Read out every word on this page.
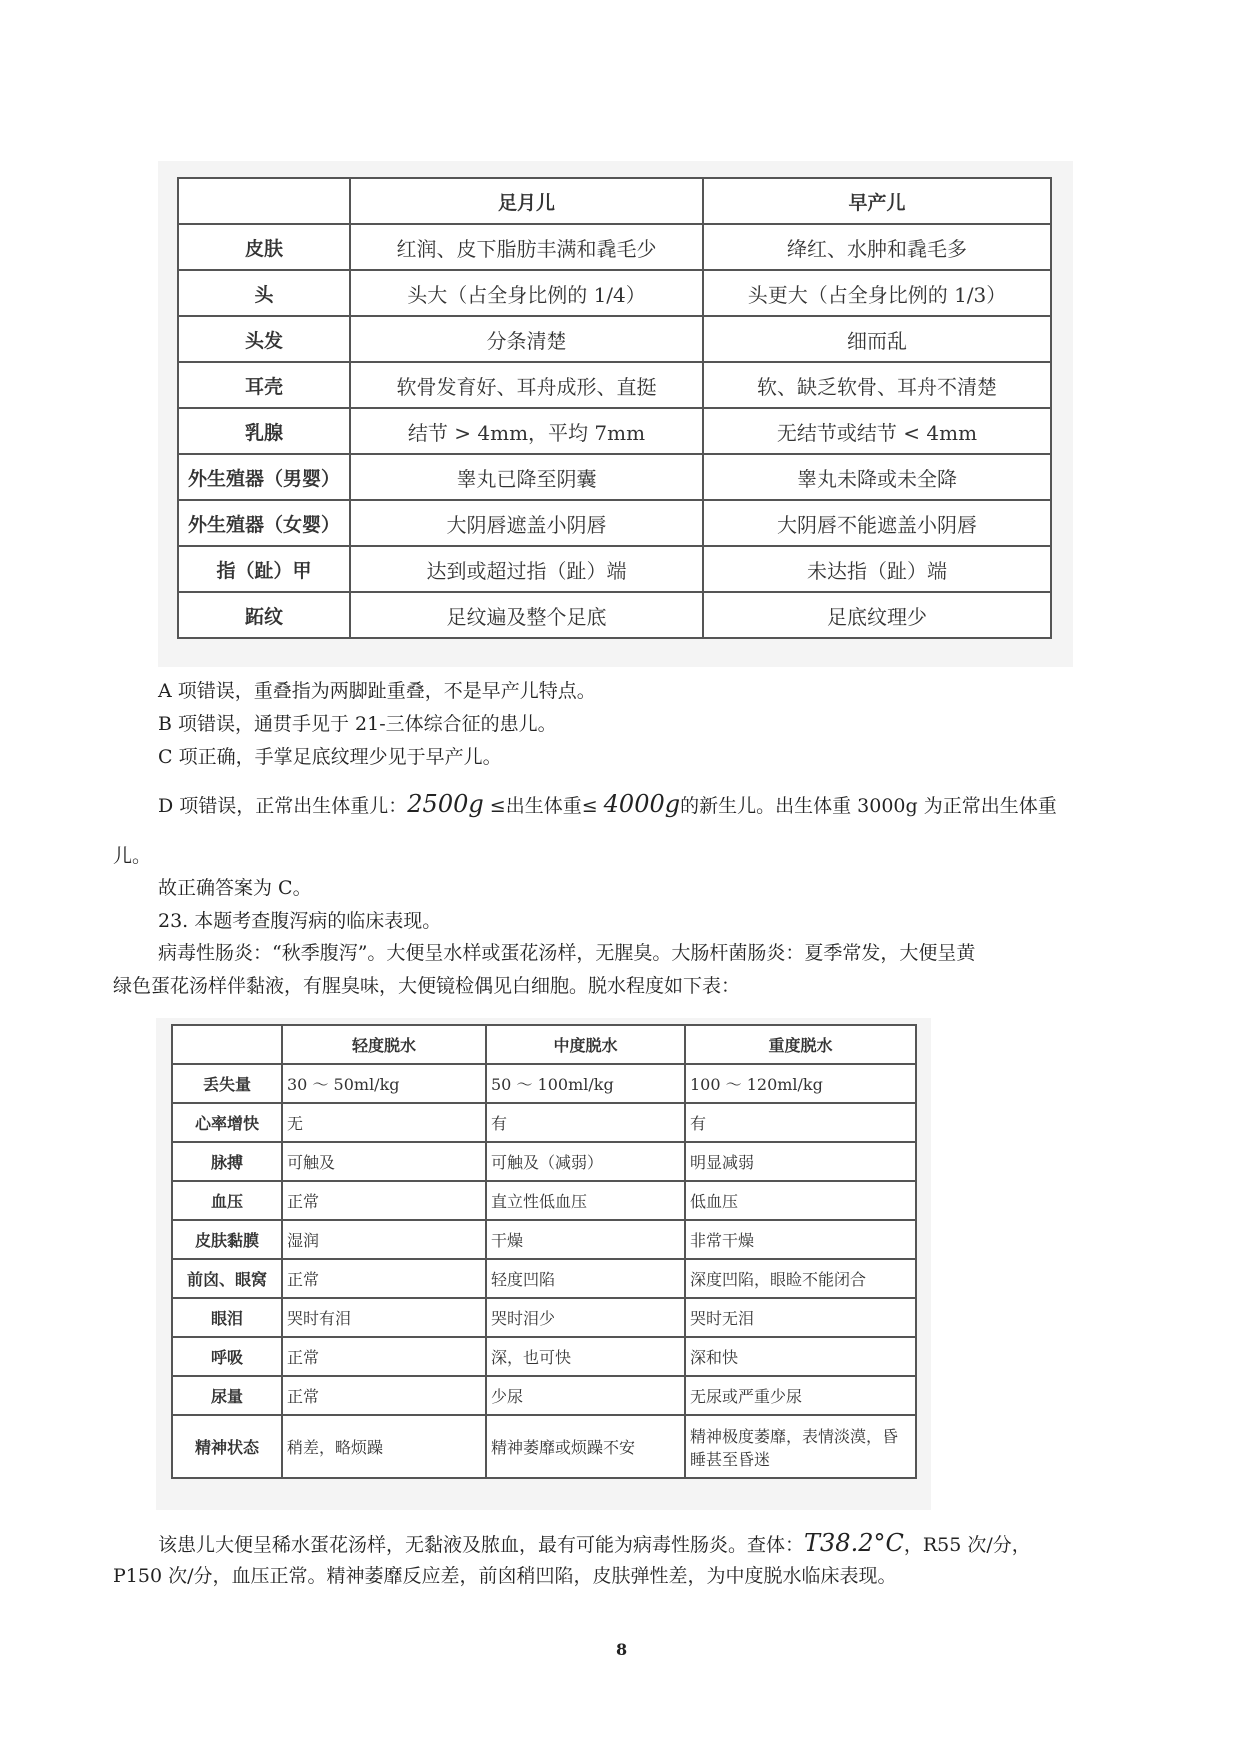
	足月儿	早产儿
皮肤	红润、皮下脂肪丰满和毳毛少	绛红、水肿和毳毛多
头	头大（占全身比例的 1/4）	头更大（占全身比例的 1/3）
头发	分条清楚	细而乱
耳壳	软骨发育好、耳舟成形、直挺	软、缺乏软骨、耳舟不清楚
乳腺	结节 > 4mm，平均 7mm	无结节或结节 < 4mm
外生殖器（男婴）	睾丸已降至阴囊	睾丸未降或未全降
外生殖器（女婴）	大阴唇遮盖小阴唇	大阴唇不能遮盖小阴唇
指（趾）甲	达到或超过指（趾）端	未达指（趾）端
跖纹	足纹遍及整个足底	足底纹理少
A 项错误，重叠指为两脚趾重叠，不是早产儿特点。
B 项错误，通贯手见于 21-三体综合征的患儿。
C 项正确，手掌足底纹理少见于早产儿。
D 项错误，正常出生体重儿：2500g ≤出生体重≤ 4000g的新生儿。出生体重 3000g 为正常出生体重
儿。
故正确答案为 C。
23. 本题考查腹泻病的临床表现。
病毒性肠炎：“秋季腹泻”。大便呈水样或蛋花汤样，无腥臭。大肠杆菌肠炎：夏季常发，大便呈黄
绿色蛋花汤样伴黏液，有腥臭味，大便镜检偶见白细胞。脱水程度如下表：
	轻度脱水	中度脱水	重度脱水
丢失量	30 ～ 50ml/kg	50 ～ 100ml/kg	100 ～ 120ml/kg
心率增快	无	有	有
脉搏	可触及	可触及（减弱）	明显减弱
血压	正常	直立性低血压	低血压
皮肤黏膜	湿润	干燥	非常干燥
前囟、眼窝	正常	轻度凹陷	深度凹陷，眼睑不能闭合
眼泪	哭时有泪	哭时泪少	哭时无泪
呼吸	正常	深，也可快	深和快
尿量	正常	少尿	无尿或严重少尿
精神状态	稍差，略烦躁	精神萎靡或烦躁不安	精神极度萎靡，表情淡漠，昏睡甚至昏迷
该患儿大便呈稀水蛋花汤样，无黏液及脓血，最有可能为病毒性肠炎。查体：T38.2°C，R55 次/分，
P150 次/分，血压正常。精神萎靡反应差，前囟稍凹陷，皮肤弹性差，为中度脱水临床表现。
8
